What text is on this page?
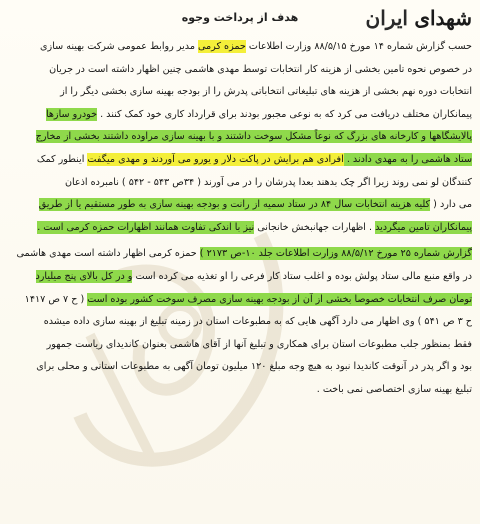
شهدای ایران
هدف از پرداخت وجوه
حسب گزارش شماره ۱۴ مورخ ۸۸/۵/۱۵ وزارت اطلاعات حمزه کرمی مدیر روابط عمومی شرکت بهینه سازی
در خصوص نحوه تامین بخشی از هزینه کار انتخابات توسط مهدی هاشمی چنین اظهار داشته است در جریان
انتخابات دوره نهم بخشی از هزینه های تبلیغاتی انتخاباتی پدرش را از بودجه بهینه سازی بخشی دیگر را از
پیمانکاران مختلف دریافت می کرد که به نوعی مجبور بودند برای قرارداد کاری خود کمک کنند . خودرو سازها
پالایشگاهها و کارخانه های بزرگ که نوعاً مشکل سوخت داشتند و با بهینه سازی مراوده داشتند بخشی از مخارج
ستاد هاشمی را به مهدی دادند . افرادی هم برایش در پاکت دلار و یورو می آوردند و مهدی میگفت اینطور کمک
کنندگان لو نمی روند زیرا اگر چک بدهند بعدا پدرشان را در می آورند ( ۳۴ص ۵۴۳ - ۵۴۲ ) نامبرده اذعان
می دارد ( کلیه هزینه انتخابات سال ۸۴ در ستاد سمیه از رانت و بودجه بهینه سازی به طور مستقیم یا از طریق
پیمانکاران تامین میگردید . اظهارات جهانبخش خانجانی نیز با اندکی تفاوت همانند اظهارات حمزه کرمی است .
گزارش شماره ۲۵ مورخ ۸۸/۵/۱۲ وزارت اطلاعات جلد ۱۰-ص ۲۱۷۳ ) حمزه کرمی اظهار داشته است مهدی هاشمی
در واقع منبع مالی ستاد پولش بوده و اغلب ستاد کار فرعی را او تغذیه می کرده است و در کل بالای پنج میلیارد
تومان صرف انتخابات خصوصا بخشی از آن از بودجه بهینه سازی مصرف سوخت کشور بوده است ( ح ۷ ص ۱۴۱۷
ح ۳ ص ۵۴۱ ) وی اظهار می دارد آگهی هایی که به مطبوعات استان در زمینه تبلیغ از بهینه سازی داده میشده
فقط بمنظور جلب مطبوعات استان برای همکاری و تبلیغ آنها از آقای هاشمی بعنوان کاندیدای ریاست جمهور
بود و اگر پدر در آنوقت کاندیدا نبود به هیچ وجه مبلغ ۱۲۰ میلیون تومان آگهی به مطبوعات استانی و محلی برای
تبلیغ بهینه سازی اختصاصی نمی باخت .
